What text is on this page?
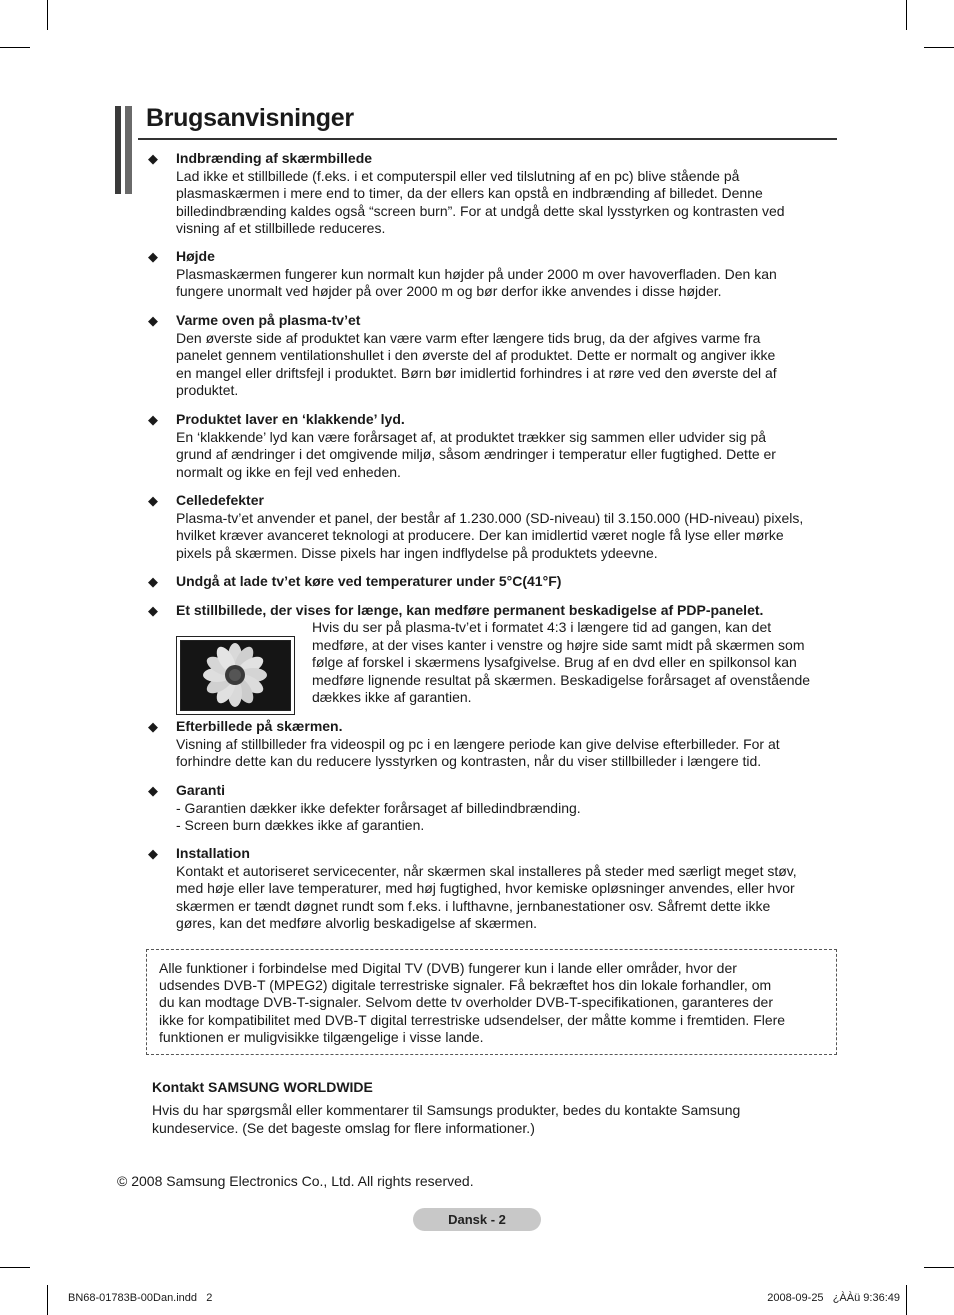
Brugsanvisninger
◆ Indbrænding af skærmbillede
Lad ikke et stillbillede (f.eks. i et computerspil eller ved tilslutning af en pc) blive stående på
plasmaskærmen i mere end to timer, da der ellers kan opstå en indbrænding af billedet. Denne
billedindbrænding kaldes også “screen burn”. For at undgå dette skal lysstyrken og kontrasten ved
visning af et stillbillede reduceres.
◆ Højde
Plasmaskærmen fungerer kun normalt kun højder på under 2000 m over havoverfladen. Den kan
fungere unormalt ved højder på over 2000 m og bør derfor ikke anvendes i disse højder.
◆ Varme oven på plasma-tv’et
Den øverste side af produktet kan være varm efter længere tids brug, da der afgives varme fra
panelet gennem ventilationshullet i den øverste del af produktet. Dette er normalt og angiver ikke
en mangel eller driftsfejl i produktet. Børn bør imidlertid forhindres i at røre ved den øverste del af
produktet.
◆ Produktet laver en ‘klakkende’ lyd.
En ‘klakkende’ lyd kan være forårsaget af, at produktet trækker sig sammen eller udvider sig på
grund af ændringer i det omgivende miljø, såsom ændringer i temperatur eller fugtighed. Dette er
normalt og ikke en fejl ved enheden.
◆ Celledefekter
Plasma-tv’et anvender et panel, der består af 1.230.000 (SD-niveau) til 3.150.000 (HD-niveau) pixels,
hvilket kræver avanceret teknologi at producere. Der kan imidlertid været nogle få lyse eller mørke
pixels på skærmen. Disse pixels har ingen indflydelse på produktets ydeevne.
◆ Undgå at lade tv’et køre ved temperaturer under 5°C(41°F)
◆ Et stillbillede, der vises for længe, kan medføre permanent beskadigelse af PDP-panelet.
Hvis du ser på plasma-tv’et i formatet 4:3 i længere tid ad gangen, kan det
medføre, at der vises kanter i venstre og højre side samt midt på skærmen som
følge af forskel i skærmens lysafgivelse. Brug af en dvd eller en spilkonsol kan
medføre lignende resultat på skærmen. Beskadigelse forårsaget af ovenstående
dækkes ikke af garantien.
◆ Efterbillede på skærmen.
Visning af stillbilleder fra videospil og pc i en længere periode kan give delvise efterbilleder. For at
forhindre dette kan du reducere lysstyrken og kontrasten, når du viser stillbilleder i længere tid.
◆ Garanti
- Garantien dækker ikke defekter forårsaget af billedindbrænding.
- Screen burn dækkes ikke af garantien.
◆ Installation
Kontakt et autoriseret servicecenter, når skærmen skal installeres på steder med særligt meget støv,
med høje eller lave temperaturer, med høj fugtighed, hvor kemiske opløsninger anvendes, eller hvor
skærmen er tændt døgnet rundt som f.eks. i lufthavne, jernbanestationer osv. Såfremt dette ikke
gøres, kan det medføre alvorlig beskadigelse af skærmen.
Alle funktioner i forbindelse med Digital TV (DVB) fungerer kun i lande eller områder, hvor der
udsendes DVB-T (MPEG2) digitale terrestriske signaler. Få bekræftet hos din lokale forhandler, om
du kan modtage DVB-T-signaler. Selvom dette tv overholder DVB-T-specifikationen, garanteres der
ikke for kompatibilitet med DVB-T digital terrestriske udsendelser, der måtte komme i fremtiden. Flere
funktionen er muligvisikke tilgængelige i visse lande.
Kontakt SAMSUNG WORLDWIDE
Hvis du har spørgsmål eller kommentarer til Samsungs produkter, bedes du kontakte Samsung
kundeservice. (Se det bageste omslag for flere informationer.)
© 2008 Samsung Electronics Co., Ltd. All rights reserved.
Dansk - 2
BN68-01783B-00Dan.indd   2	2008-09-25   ¿ÀÀü 9:36:49
